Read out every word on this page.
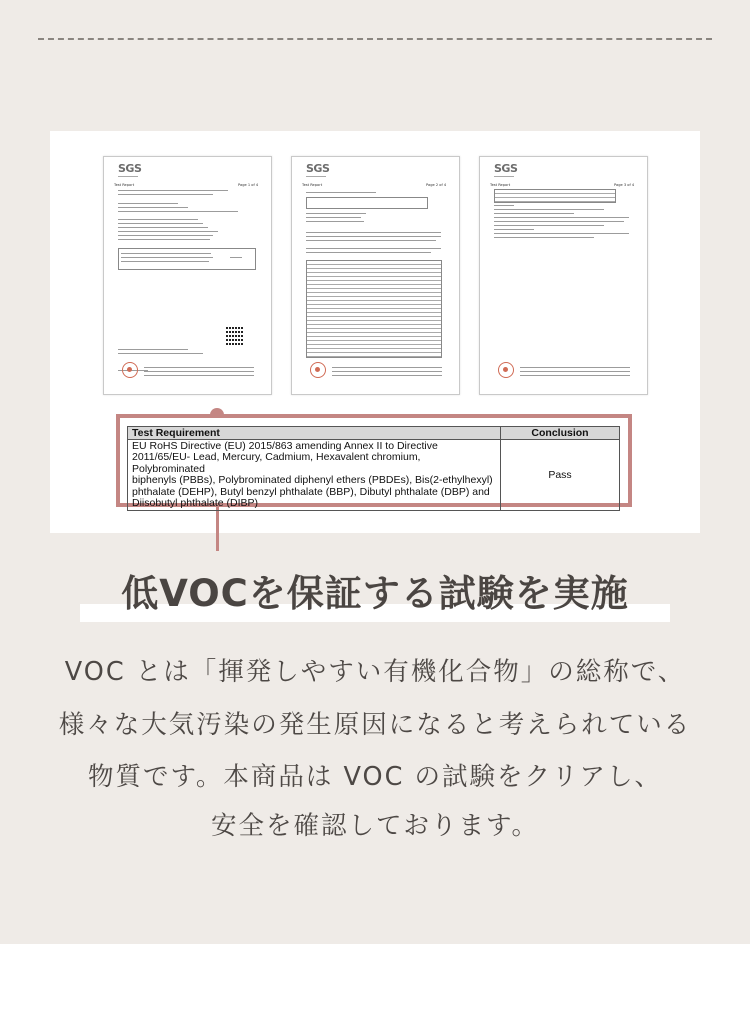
SGS
Test Report	Page 1 of 4
SGS
Test Report	Page 2 of 4
SGS
Test Report	Page 3 of 4
Test Requirement	Conclusion

EU RoHS Directive (EU) 2015/863 amending Annex II to Directive
2011/65/EU- Lead, Mercury, Cadmium, Hexavalent chromium, Polybrominated
biphenyls (PBBs), Polybrominated diphenyl ethers (PBDEs), Bis(2-ethylhexyl)
phthalate (DEHP), Butyl benzyl phthalate (BBP), Dibutyl phthalate (DBP) and
Diisobutyl phthalate (DIBP)	Pass
低VOCを保証する試験を実施
VOC とは「揮発しやすい有機化合物」の総称で、
様々な大気汚染の発生原因になると考えられている
物質です。本商品は VOC の試験をクリアし、
安全を確認しております。
